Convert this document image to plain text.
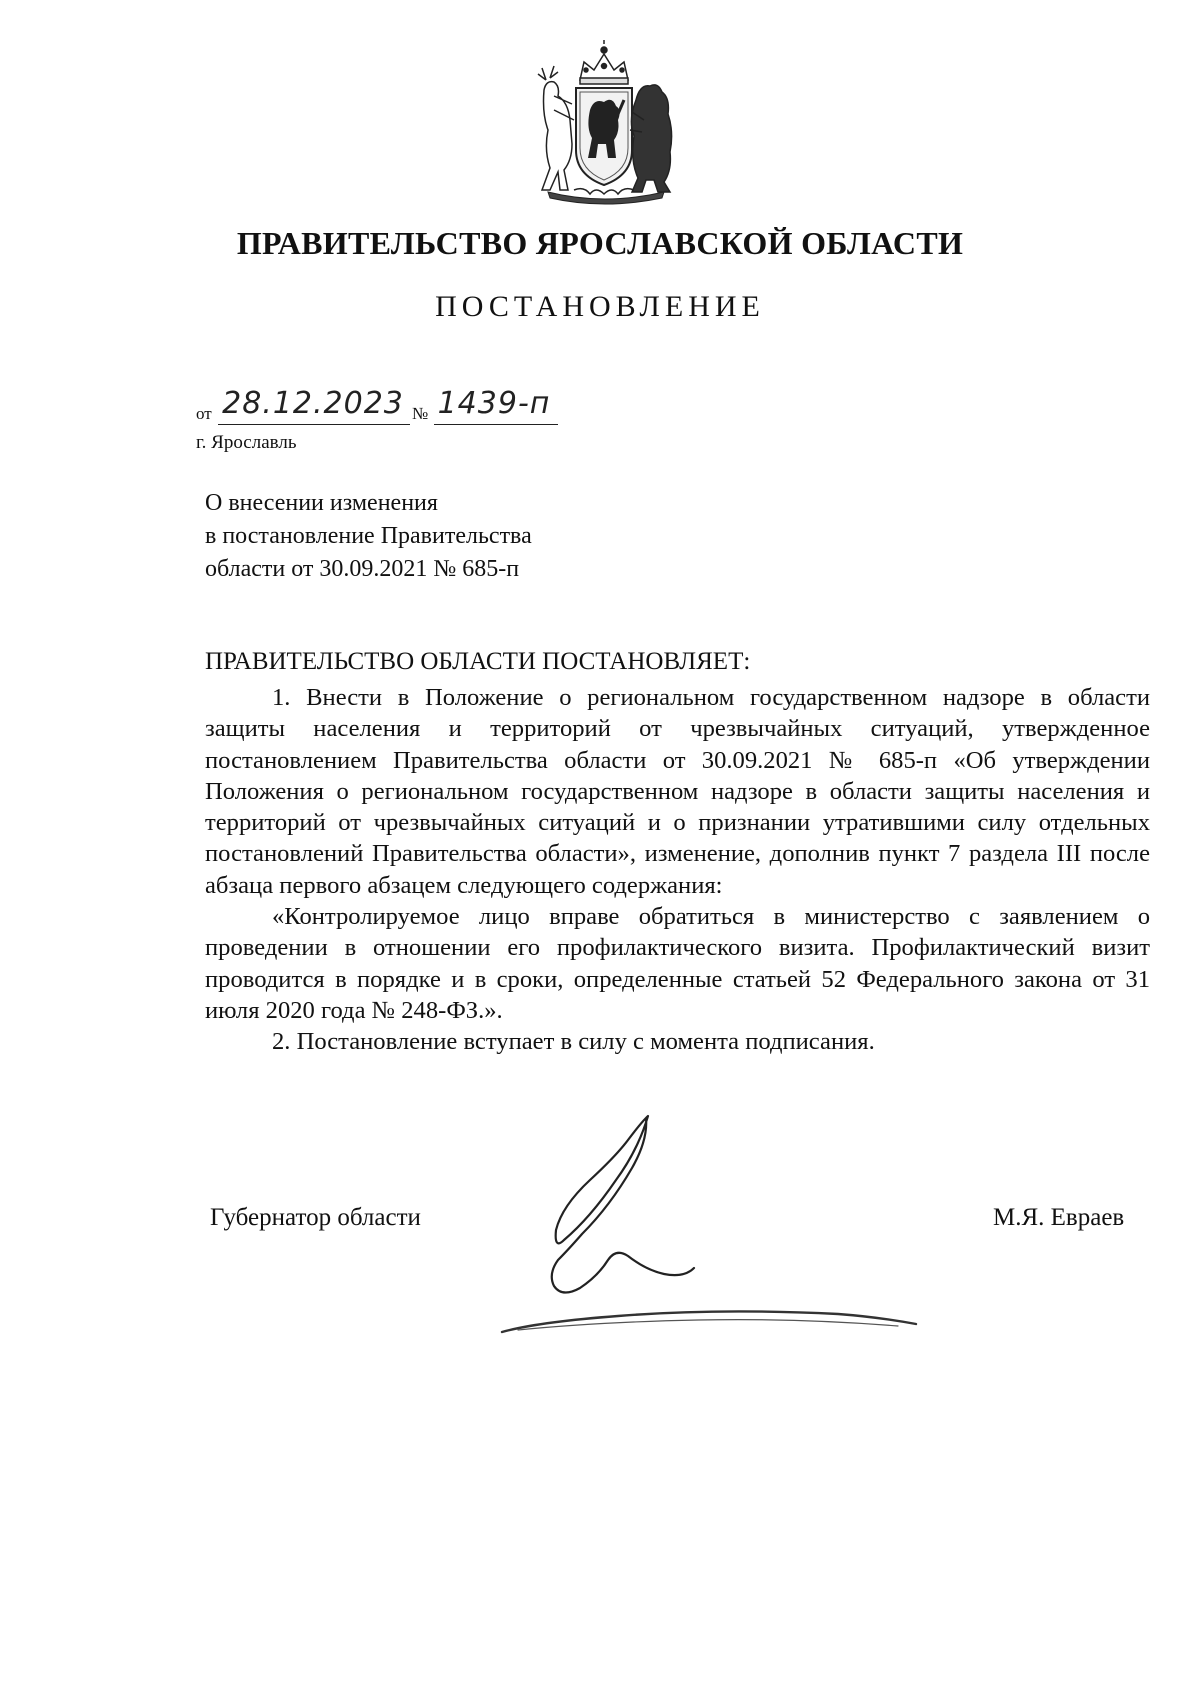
ПРАВИТЕЛЬСТВО ЯРОСЛАВСКОЙ ОБЛАСТИ
ПОСТАНОВЛЕНИЕ
от 28.12.2023 № 1439-п
г. Ярославль
О внесении изменения
в постановление Правительства
области от 30.09.2021 № 685-п
ПРАВИТЕЛЬСТВО ОБЛАСТИ ПОСТАНОВЛЯЕТ:

1. Внести в Положение о региональном государственном надзоре в области защиты населения и территорий от чрезвычайных ситуаций, утвержденное постановлением Правительства области от 30.09.2021 № 685-п «Об утверждении Положения о региональном государственном надзоре в области защиты населения и территорий от чрезвычайных ситуаций и о признании утратившими силу отдельных постановлений Правительства области», изменение, дополнив пункт 7 раздела III после абзаца первого абзацем следующего содержания:

«Контролируемое лицо вправе обратиться в министерство с заявлением о проведении в отношении его профилактического визита. Профилактический визит проводится в порядке и в сроки, определенные статьей 52 Федерального закона от 31 июля 2020 года № 248-ФЗ.».

2. Постановление вступает в силу с момента подписания.

Губернатор области	М.Я. Евраев
